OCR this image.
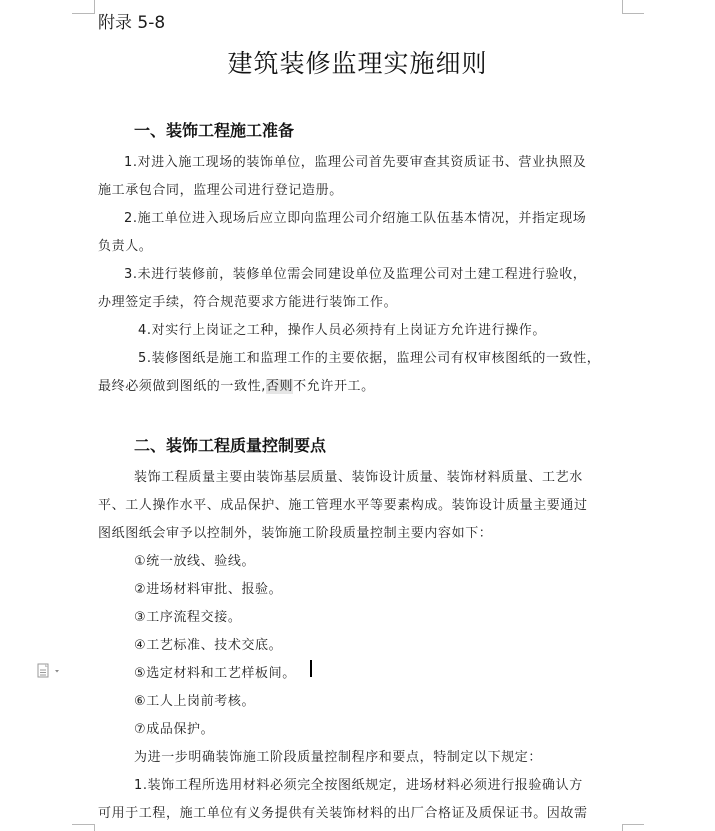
附录 5-8
建筑装修监理实施细则
一、装饰工程施工准备
1.对进入施工现场的装饰单位，监理公司首先要审查其资质证书、营业执照及
施工承包合同，监理公司进行登记造册。
2.施工单位进入现场后应立即向监理公司介绍施工队伍基本情况，并指定现场
负责人。
3.未进行装修前，装修单位需会同建设单位及监理公司对土建工程进行验收，
办理签定手续，符合规范要求方能进行装饰工作。
4.对实行上岗证之工种，操作人员必须持有上岗证方允许进行操作。
5.装修图纸是施工和监理工作的主要依据，监理公司有权审核图纸的一致性，
最终必须做到图纸的一致性,否则不允许开工。
二、装饰工程质量控制要点
装饰工程质量主要由装饰基层质量、装饰设计质量、装饰材料质量、工艺水
平、工人操作水平、成品保护、施工管理水平等要素构成。装饰设计质量主要通过
图纸图纸会审予以控制外，装饰施工阶段质量控制主要内容如下：
①统一放线、验线。
②进场材料审批、报验。
③工序流程交接。
④工艺标准、技术交底。
⑤选定材料和工艺样板间。
⑥工人上岗前考核。
⑦成品保护。
为进一步明确装饰施工阶段质量控制程序和要点，特制定以下规定：
1.装饰工程所选用材料必须完全按图纸规定，进场材料必须进行报验确认方
可用于工程，施工单位有义务提供有关装饰材料的出厂合格证及质保证书。因故需
